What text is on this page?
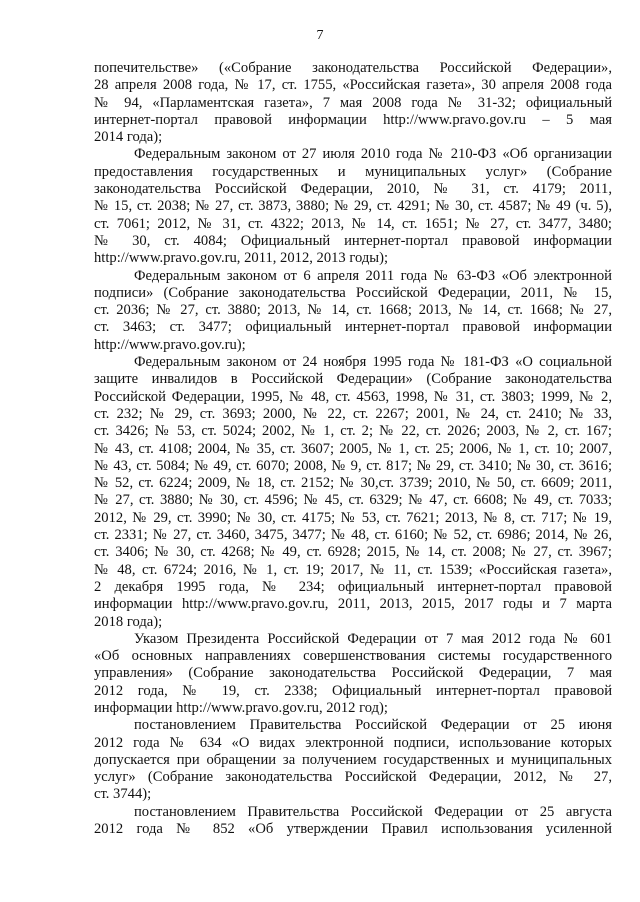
7

попечительстве» («Собрание законодательства Российской Федерации»,
28 апреля 2008 года, № 17, ст. 1755, «Российская газета», 30 апреля 2008 года
№ 94, «Парламентская газета», 7 мая 2008 года № 31-32; официальный
интернет-портал правовой информации http://www.pravo.gov.ru – 5 мая
2014 года);

Федеральным законом от 27 июля 2010 года № 210-ФЗ «Об организации
предоставления государственных и муниципальных услуг» (Собрание
законодательства Российской Федерации, 2010, № 31, ст. 4179; 2011,
№ 15, ст. 2038; № 27, ст. 3873, 3880; № 29, ст. 4291; № 30, ст. 4587; № 49 (ч. 5),
ст. 7061; 2012, № 31, ст. 4322; 2013, № 14, ст. 1651; № 27, ст. 3477, 3480;
№ 30, ст. 4084; Официальный интернет-портал правовой информации
http://www.pravo.gov.ru, 2011, 2012, 2013 годы);

Федеральным законом от 6 апреля 2011 года № 63-ФЗ «Об электронной
подписи» (Собрание законодательства Российской Федерации, 2011, № 15,
ст. 2036; № 27, ст. 3880; 2013, № 14, ст. 1668; 2013, № 14, ст. 1668; № 27,
ст. 3463; ст. 3477; официальный интернет-портал правовой информации
http://www.pravo.gov.ru);

Федеральным законом от 24 ноября 1995 года № 181-ФЗ «О социальной
защите инвалидов в Российской Федерации» (Собрание законодательства
Российской Федерации, 1995, № 48, ст. 4563, 1998, № 31, ст. 3803; 1999, № 2,
ст. 232; № 29, ст. 3693; 2000, № 22, ст. 2267; 2001, № 24, ст. 2410; № 33,
ст. 3426; № 53, ст. 5024; 2002, № 1, ст. 2; № 22, ст. 2026; 2003, № 2, ст. 167;
№ 43, ст. 4108; 2004, № 35, ст. 3607; 2005, № 1, ст. 25; 2006, № 1, ст. 10; 2007,
№ 43, ст. 5084; № 49, ст. 6070; 2008, № 9, ст. 817; № 29, ст. 3410; № 30, ст. 3616;
№ 52, ст. 6224; 2009, № 18, ст. 2152; № 30,ст. 3739; 2010, № 50, ст. 6609; 2011,
№ 27, ст. 3880; № 30, ст. 4596; № 45, ст. 6329; № 47, ст. 6608; № 49, ст. 7033;
2012, № 29, ст. 3990; № 30, ст. 4175; № 53, ст. 7621; 2013, № 8, ст. 717; № 19,
ст. 2331; № 27, ст. 3460, 3475, 3477; № 48, ст. 6160; № 52, ст. 6986; 2014, № 26,
ст. 3406; № 30, ст. 4268; № 49, ст. 6928; 2015, № 14, ст. 2008; № 27, ст. 3967;
№ 48, ст. 6724; 2016, № 1, ст. 19; 2017, № 11, ст. 1539; «Российская газета»,
2 декабря 1995 года, № 234; официальный интернет-портал правовой
информации http://www.pravo.gov.ru, 2011, 2013, 2015, 2017 годы и 7 марта
2018 года);

Указом Президента Российской Федерации от 7 мая 2012 года № 601
«Об основных направлениях совершенствования системы государственного
управления» (Собрание законодательства Российской Федерации, 7 мая
2012 года, № 19, ст. 2338; Официальный интернет-портал правовой
информации http://www.pravo.gov.ru, 2012 год);

постановлением Правительства Российской Федерации от 25 июня
2012 года № 634 «О видах электронной подписи, использование которых
допускается при обращении за получением государственных и муниципальных
услуг» (Собрание законодательства Российской Федерации, 2012, № 27,
ст. 3744);

постановлением Правительства Российской Федерации от 25 августа
2012 года № 852 «Об утверждении Правил использования усиленной
